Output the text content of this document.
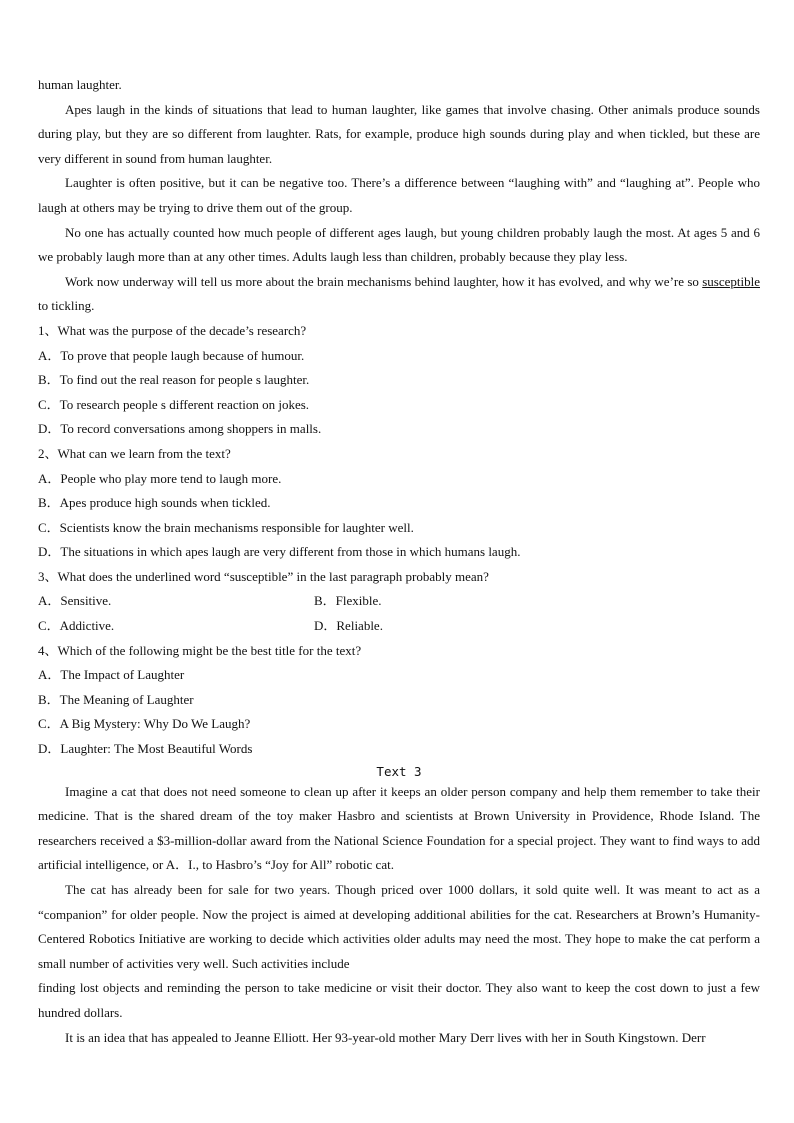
human laughter.

Apes laugh in the kinds of situations that lead to human laughter, like games that involve chasing. Other animals produce sounds during play, but they are so different from laughter. Rats, for example, produce high sounds during play and when tickled, but these are very different in sound from human laughter.

Laughter is often positive, but it can be negative too. There’s a difference between “laughing with” and “laughing at”. People who laugh at others may be trying to drive them out of the group.

No one has actually counted how much people of different ages laugh, but young children probably laugh the most. At ages 5 and 6 we probably laugh more than at any other times. Adults laugh less than children, probably because they play less.

Work now underway will tell us more about the brain mechanisms behind laughter, how it has evolved, and why we’re so susceptible to tickling.

1、What was the purpose of the decade’s research?

A．To prove that people laugh because of humour.

B．To find out the real reason for people s laughter.

C．To research people s different reaction on jokes.

D．To record conversations among shoppers in malls.

2、What can we learn from the text?

A．People who play more tend to laugh more.

B．Apes produce high sounds when tickled.

C．Scientists know the brain mechanisms responsible for laughter well.

D．The situations in which apes laugh are very different from those in which humans laugh.

3、What does the underlined word “susceptible” in the last paragraph probably mean?

A．Sensitive.	B．Flexible.
C．Addictive.	D．Reliable.

4、Which of the following might be the best title for the text?

A．The Impact of Laughter

B．The Meaning of Laughter

C．A Big Mystery: Why Do We Laugh?

D．Laughter: The Most Beautiful Words

Text 3

Imagine a cat that does not need someone to clean up after it keeps an older person company and help them remember to take their medicine. That is the shared dream of the toy maker Hasbro and scientists at Brown University in Providence, Rhode Island. The researchers received a $3-million-dollar award from the National Science Foundation for a special project. They want to find ways to add artificial intelligence, or A．I., to Hasbro’s “Joy for All” robotic cat.

The cat has already been for sale for two years. Though priced over 1000 dollars, it sold quite well. It was meant to act as a “companion” for older people. Now the project is aimed at developing additional abilities for the cat. Researchers at Brown’s Humanity-Centered Robotics Initiative are working to decide which activities older adults may need the most. They hope to make the cat perform a small number of activities very well. Such activities include

finding lost objects and reminding the person to take medicine or visit their doctor. They also want to keep the cost down to just a few hundred dollars.

It is an idea that has appealed to Jeanne Elliott. Her 93-year-old mother Mary Derr lives with her in South Kingstown. Derr
